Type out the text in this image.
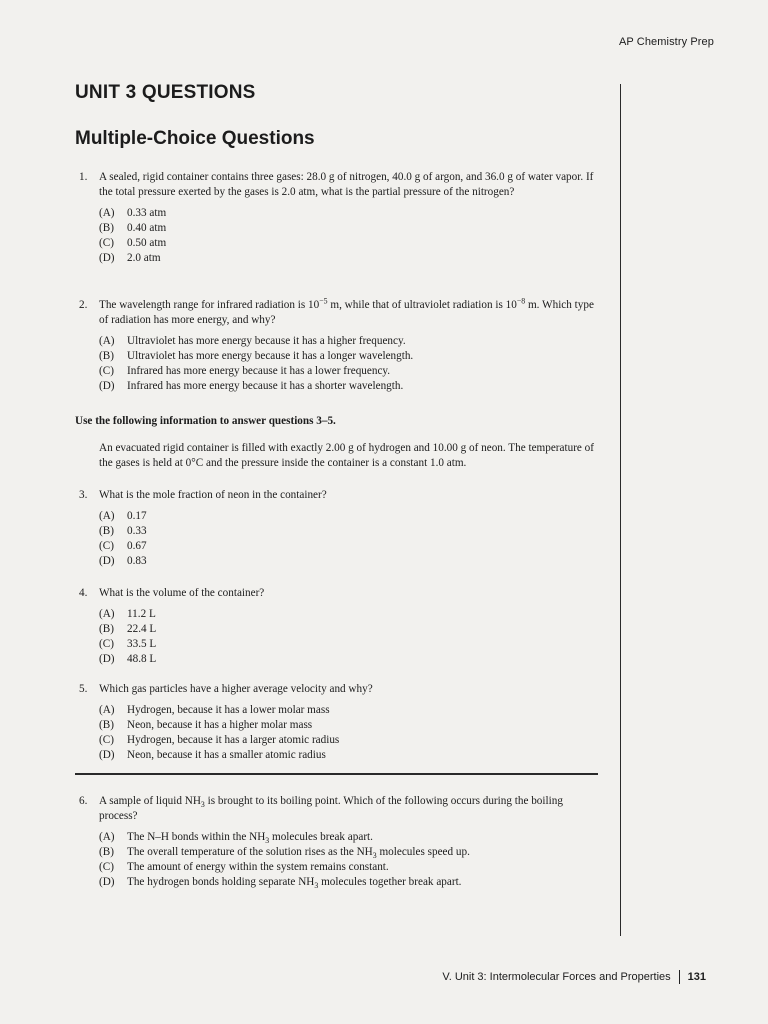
AP Chemistry Prep
UNIT 3 QUESTIONS
Multiple-Choice Questions
1. A sealed, rigid container contains three gases: 28.0 g of nitrogen, 40.0 g of argon, and 36.0 g of water vapor. If the total pressure exerted by the gases is 2.0 atm, what is the partial pressure of the nitrogen?
(A) 0.33 atm
(B) 0.40 atm
(C) 0.50 atm
(D) 2.0 atm
2. The wavelength range for infrared radiation is $10^{-5}$ m, while that of ultraviolet radiation is $10^{-8}$ m. Which type of radiation has more energy, and why?
(A) Ultraviolet has more energy because it has a higher frequency.
(B) Ultraviolet has more energy because it has a longer wavelength.
(C) Infrared has more energy because it has a lower frequency.
(D) Infrared has more energy because it has a shorter wavelength.
Use the following information to answer questions 3–5.
An evacuated rigid container is filled with exactly 2.00 g of hydrogen and 10.00 g of neon. The temperature of the gases is held at 0°C and the pressure inside the container is a constant 1.0 atm.
3. What is the mole fraction of neon in the container?
(A) 0.17
(B) 0.33
(C) 0.67
(D) 0.83
4. What is the volume of the container?
(A) 11.2 L
(B) 22.4 L
(C) 33.5 L
(D) 48.8 L
5. Which gas particles have a higher average velocity and why?
(A) Hydrogen, because it has a lower molar mass
(B) Neon, because it has a higher molar mass
(C) Hydrogen, because it has a larger atomic radius
(D) Neon, because it has a smaller atomic radius
6. A sample of liquid $NH_3$ is brought to its boiling point. Which of the following occurs during the boiling process?
(A) The N–H bonds within the $NH_3$ molecules break apart.
(B) The overall temperature of the solution rises as the $NH_3$ molecules speed up.
(C) The amount of energy within the system remains constant.
(D) The hydrogen bonds holding separate $NH_3$ molecules together break apart.
V. Unit 3: Intermolecular Forces and Properties 131
